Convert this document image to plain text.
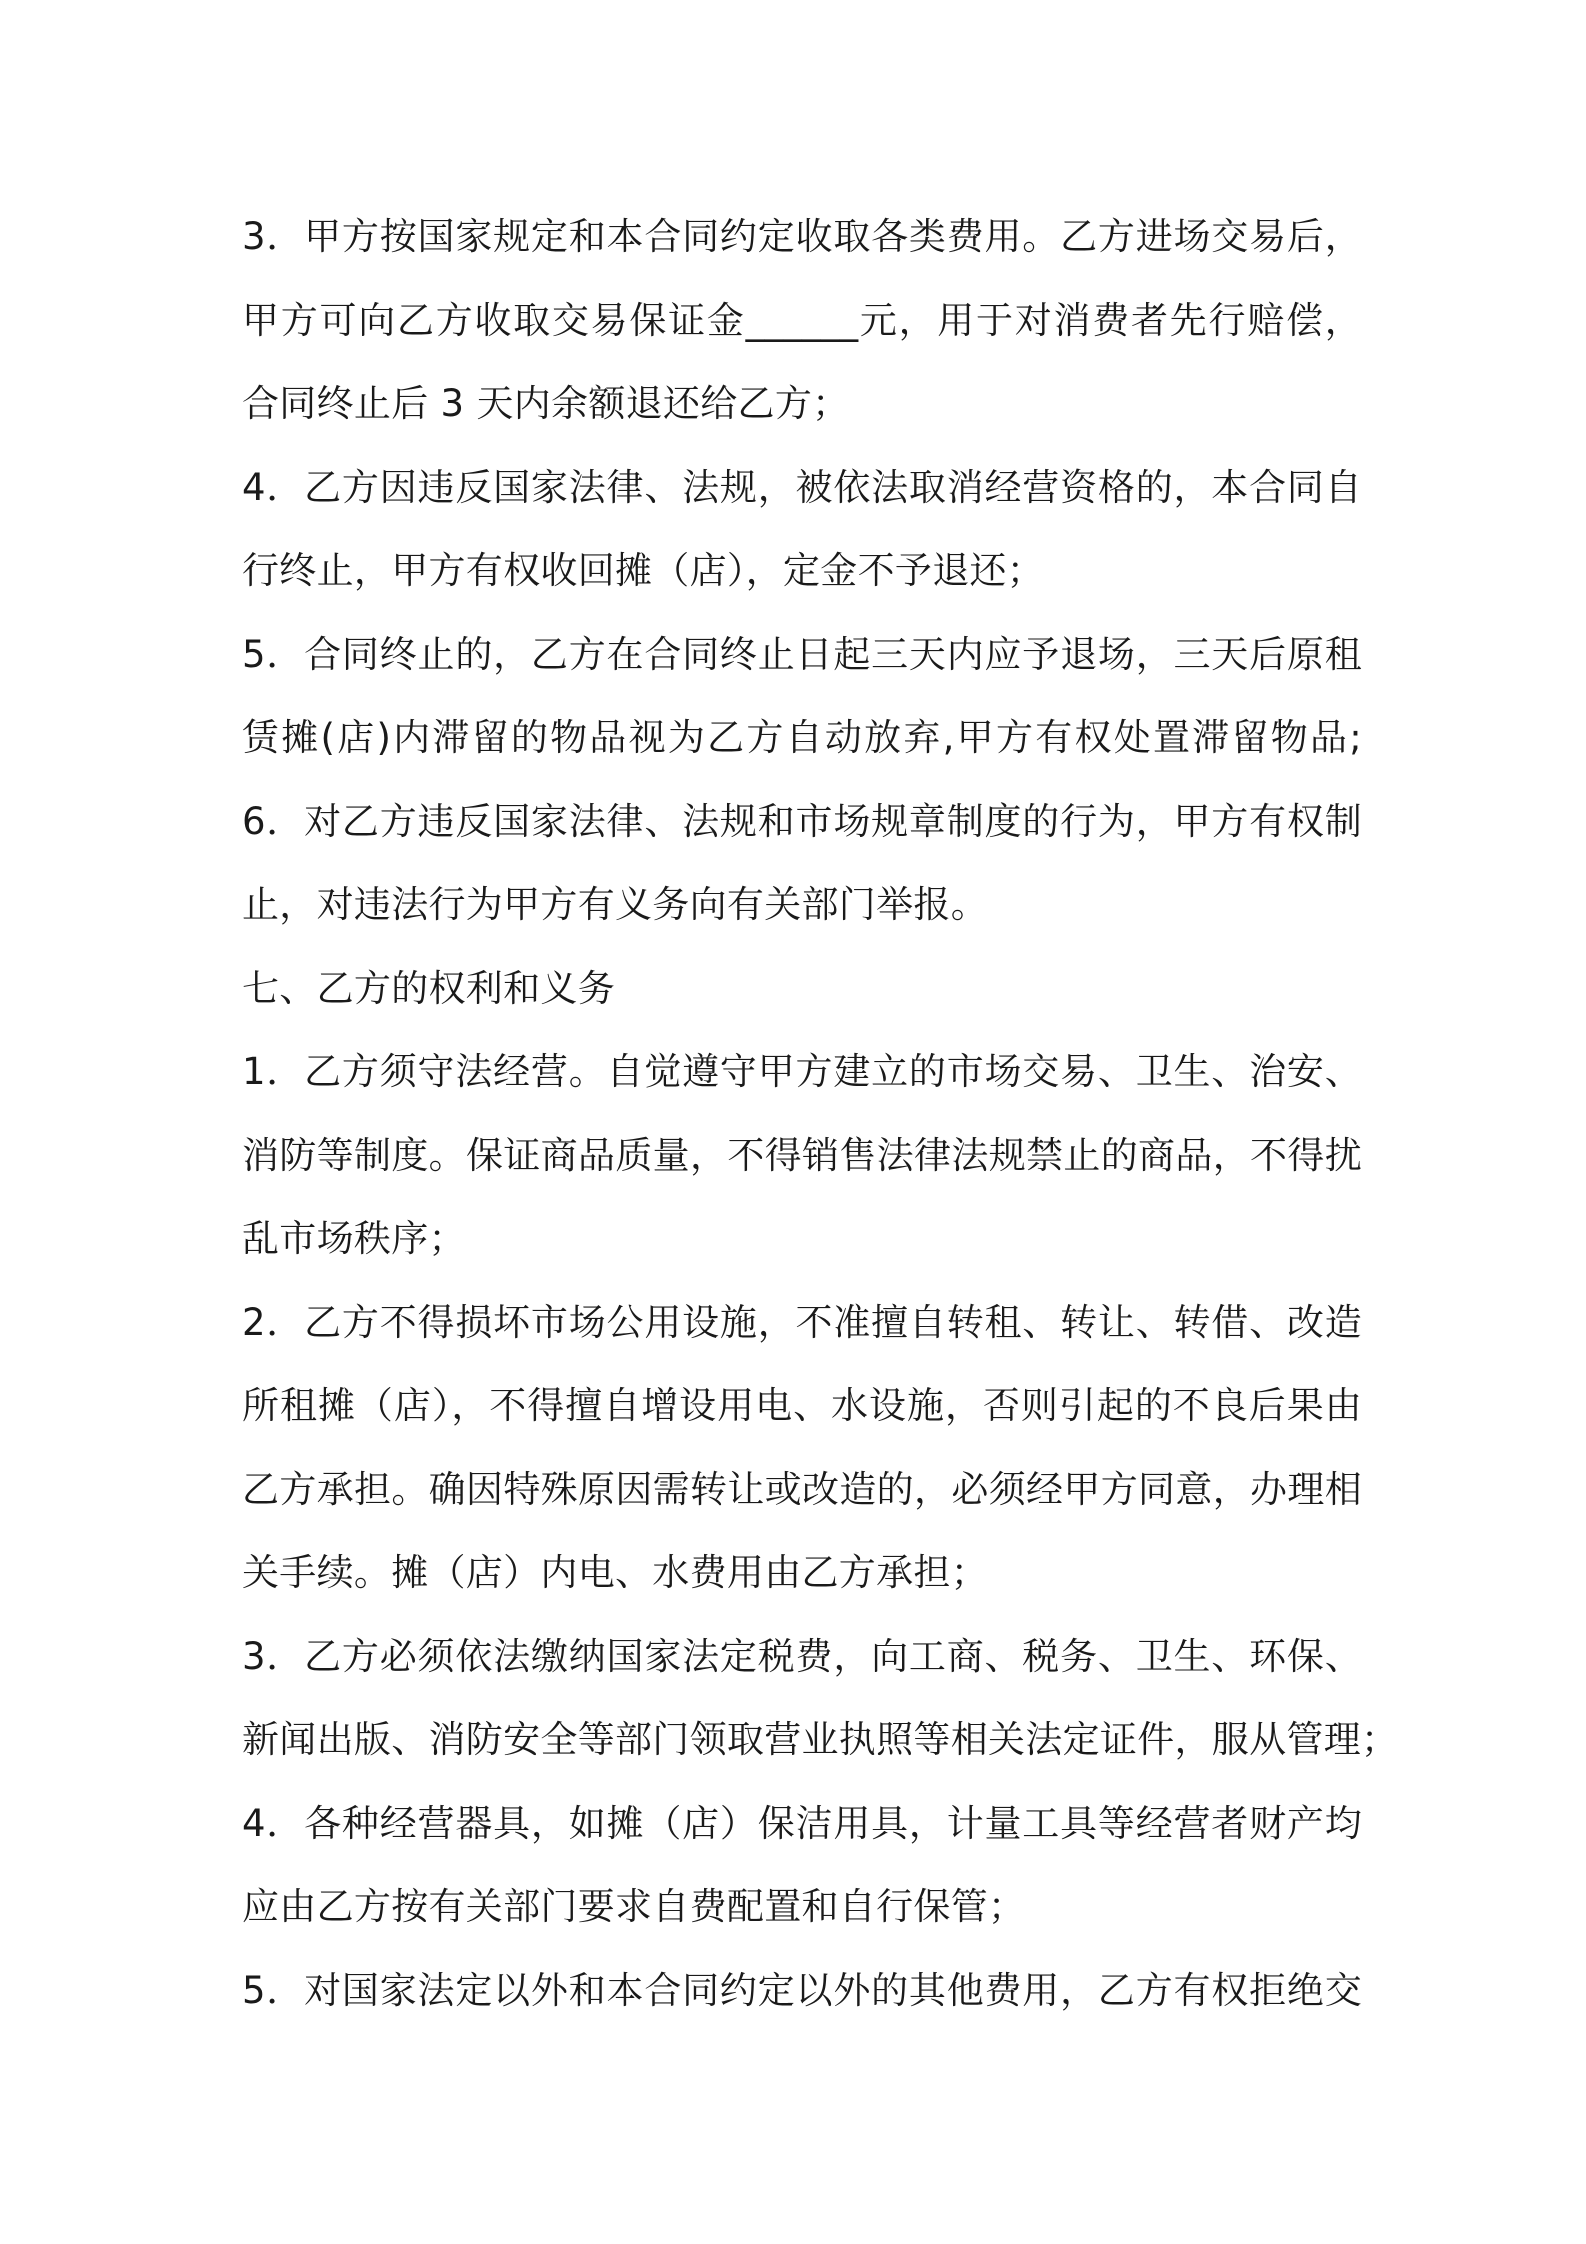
3．甲方按国家规定和本合同约定收取各类费用。乙方进场交易后，
甲方可向乙方收取交易保证金______元，用于对消费者先行赔偿，
合同终止后 3 天内余额退还给乙方；
4．乙方因违反国家法律、法规，被依法取消经营资格的，本合同自
行终止，甲方有权收回摊（店），定金不予退还；
5．合同终止的，乙方在合同终止日起三天内应予退场，三天后原租
赁摊(店)内滞留的物品视为乙方自动放弃,甲方有权处置滞留物品;
6．对乙方违反国家法律、法规和市场规章制度的行为，甲方有权制
止，对违法行为甲方有义务向有关部门举报。
七、乙方的权利和义务
1．乙方须守法经营。自觉遵守甲方建立的市场交易、卫生、治安、
消防等制度。保证商品质量，不得销售法律法规禁止的商品，不得扰
乱市场秩序；
2．乙方不得损坏市场公用设施，不准擅自转租、转让、转借、改造
所租摊（店），不得擅自增设用电、水设施，否则引起的不良后果由
乙方承担。确因特殊原因需转让或改造的，必须经甲方同意，办理相
关手续。摊（店）内电、水费用由乙方承担；
3．乙方必须依法缴纳国家法定税费，向工商、税务、卫生、环保、
新闻出版、消防安全等部门领取营业执照等相关法定证件，服从管理；
4．各种经营器具，如摊（店）保洁用具，计量工具等经营者财产均
应由乙方按有关部门要求自费配置和自行保管；
5．对国家法定以外和本合同约定以外的其他费用，乙方有权拒绝交
